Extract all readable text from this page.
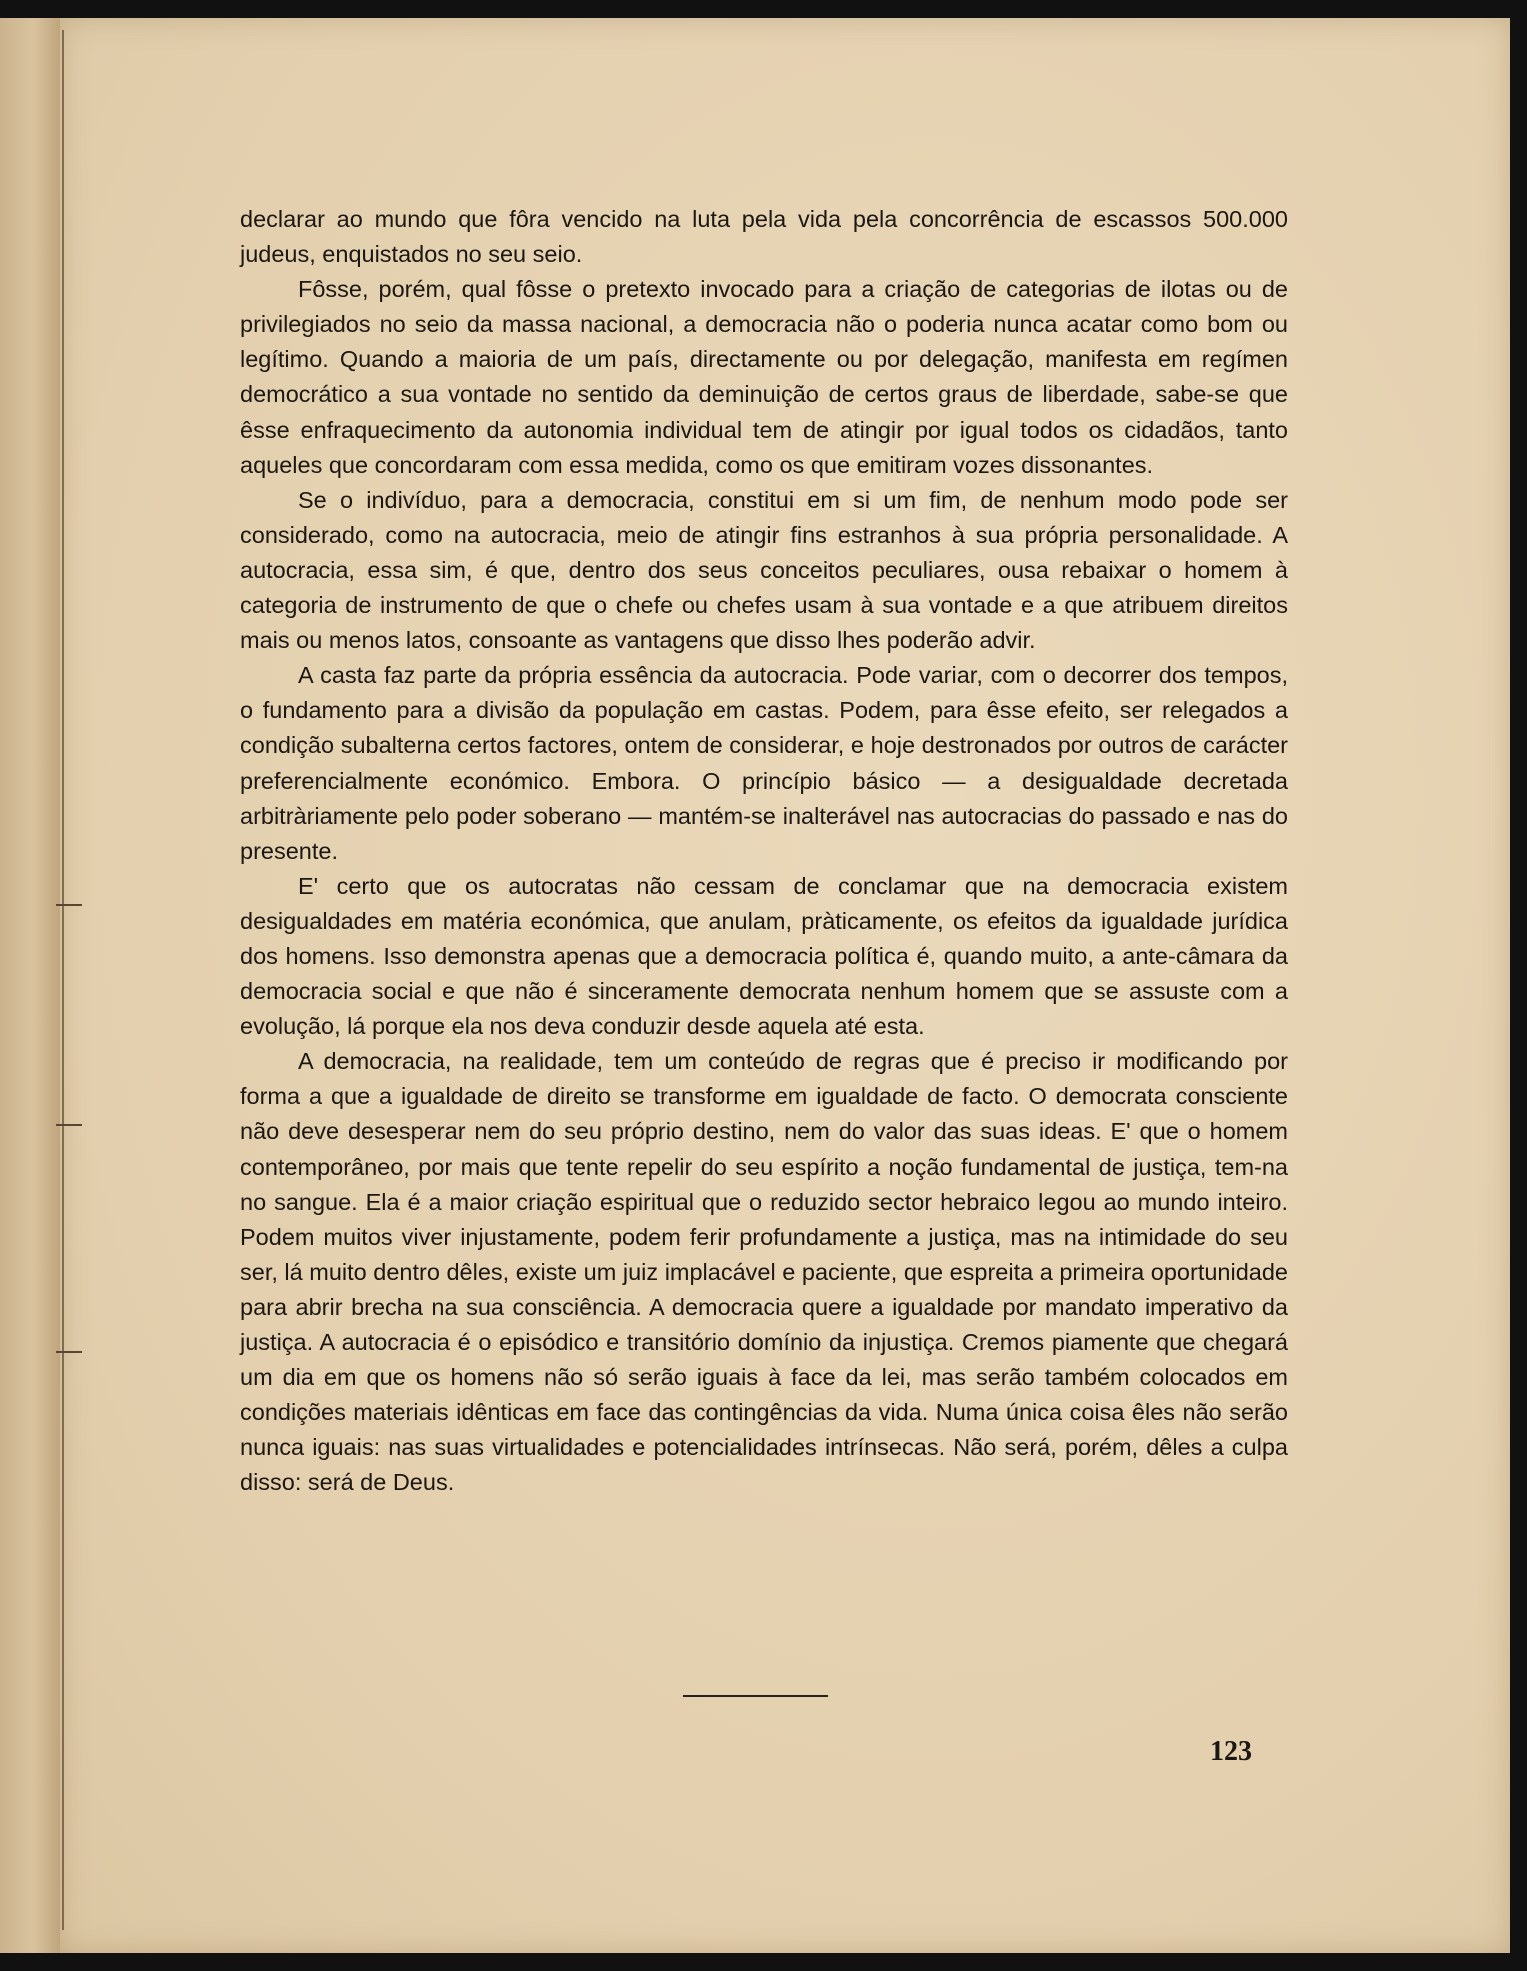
declarar ao mundo que fôra vencido na luta pela vida pela concorrência de escassos 500.000 judeus, enquistados no seu seio.

Fôsse, porém, qual fôsse o pretexto invocado para a criação de categorias de ilotas ou de privilegiados no seio da massa nacional, a democracia não o poderia nunca acatar como bom ou legítimo. Quando a maioria de um país, directamente ou por delegação, manifesta em regímen democrático a sua vontade no sentido da deminuição de certos graus de liberdade, sabe-se que êsse enfraquecimento da autonomia individual tem de atingir por igual todos os cidadãos, tanto aqueles que concordaram com essa medida, como os que emitiram vozes dissonantes.

Se o indivíduo, para a democracia, constitui em si um fim, de nenhum modo pode ser considerado, como na autocracia, meio de atingir fins estranhos à sua própria personalidade. A autocracia, essa sim, é que, dentro dos seus conceitos peculiares, ousa rebaixar o homem à categoria de instrumento de que o chefe ou chefes usam à sua vontade e a que atribuem direitos mais ou menos latos, consoante as vantagens que disso lhes poderão advir.

A casta faz parte da própria essência da autocracia. Pode variar, com o decorrer dos tempos, o fundamento para a divisão da população em castas. Podem, para êsse efeito, ser relegados a condição subalterna certos factores, ontem de considerar, e hoje destronados por outros de carácter preferencialmente económico. Embora. O princípio básico — a desigualdade decretada arbitràriamente pelo poder soberano — mantém-se inalterável nas autocracias do passado e nas do presente.

E' certo que os autocratas não cessam de conclamar que na democracia existem desigualdades em matéria económica, que anulam, pràticamente, os efeitos da igualdade jurídica dos homens. Isso demonstra apenas que a democracia política é, quando muito, a ante-câmara da democracia social e que não é sinceramente democrata nenhum homem que se assuste com a evolução, lá porque ela nos deva conduzir desde aquela até esta.

A democracia, na realidade, tem um conteúdo de regras que é preciso ir modificando por forma a que a igualdade de direito se transforme em igualdade de facto. O democrata consciente não deve desesperar nem do seu próprio destino, nem do valor das suas ideas. E' que o homem contemporâneo, por mais que tente repelir do seu espírito a noção fundamental de justiça, tem-na no sangue. Ela é a maior criação espiritual que o reduzido sector hebraico legou ao mundo inteiro. Podem muitos viver injustamente, podem ferir profundamente a justiça, mas na intimidade do seu ser, lá muito dentro dêles, existe um juiz implacável e paciente, que espreita a primeira oportunidade para abrir brecha na sua consciência. A democracia quere a igualdade por mandato imperativo da justiça. A autocracia é o episódico e transitório domínio da injustiça. Cremos piamente que chegará um dia em que os homens não só serão iguais à face da lei, mas serão também colocados em condições materiais idênticas em face das contingências da vida. Numa única coisa êles não serão nunca iguais: nas suas virtualidades e potencialidades intrínsecas. Não será, porém, dêles a culpa disso: será de Deus.

123
